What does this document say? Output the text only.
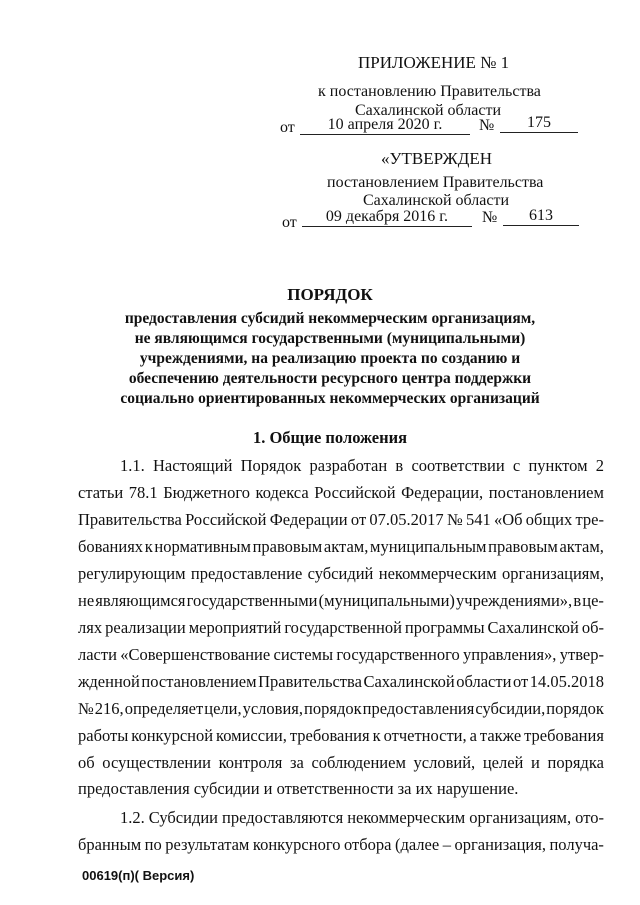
ПРИЛОЖЕНИЕ № 1
к постановлению Правительства
Сахалинской области
от	10 апреля 2020 г.	№	175
«УТВЕРЖДЕН
постановлением Правительства
Сахалинской области
от	09 декабря 2016 г.	№	613
ПОРЯДОК
предоставления субсидий некоммерческим организациям,
не являющимся государственными (муниципальными)
учреждениями, на реализацию проекта по созданию и
обеспечению деятельности ресурсного центра поддержки
социально ориентированных некоммерческих организаций
1. Общие положения
1.1. Настоящий Порядок разработан в соответствии с пунктом 2
статьи 78.1 Бюджетного кодекса Российской Федерации, постановлением
Правительства Российской Федерации от 07.05.2017 № 541 «Об общих тре-
бованиях к нормативным правовым актам, муниципальным правовым актам,
регулирующим предоставление субсидий некоммерческим организациям,
не являющимся государственными (муниципальными) учреждениями», в це-
лях реализации мероприятий государственной программы Сахалинской об-
ласти «Совершенствование системы государственного управления», утвер-
жденной постановлением Правительства Сахалинской области от 14.05.2018
№ 216, определяет цели, условия, порядок предоставления субсидии, порядок
работы конкурсной комиссии, требования к отчетности, а также требования
об осуществлении контроля за соблюдением условий, целей и порядка
предоставления субсидии и ответственности за их нарушение.
1.2. Субсидии предоставляются некоммерческим организациям, ото-
бранным по результатам конкурсного отбора (далее – организация, получа-
00619(п)( Версия)
